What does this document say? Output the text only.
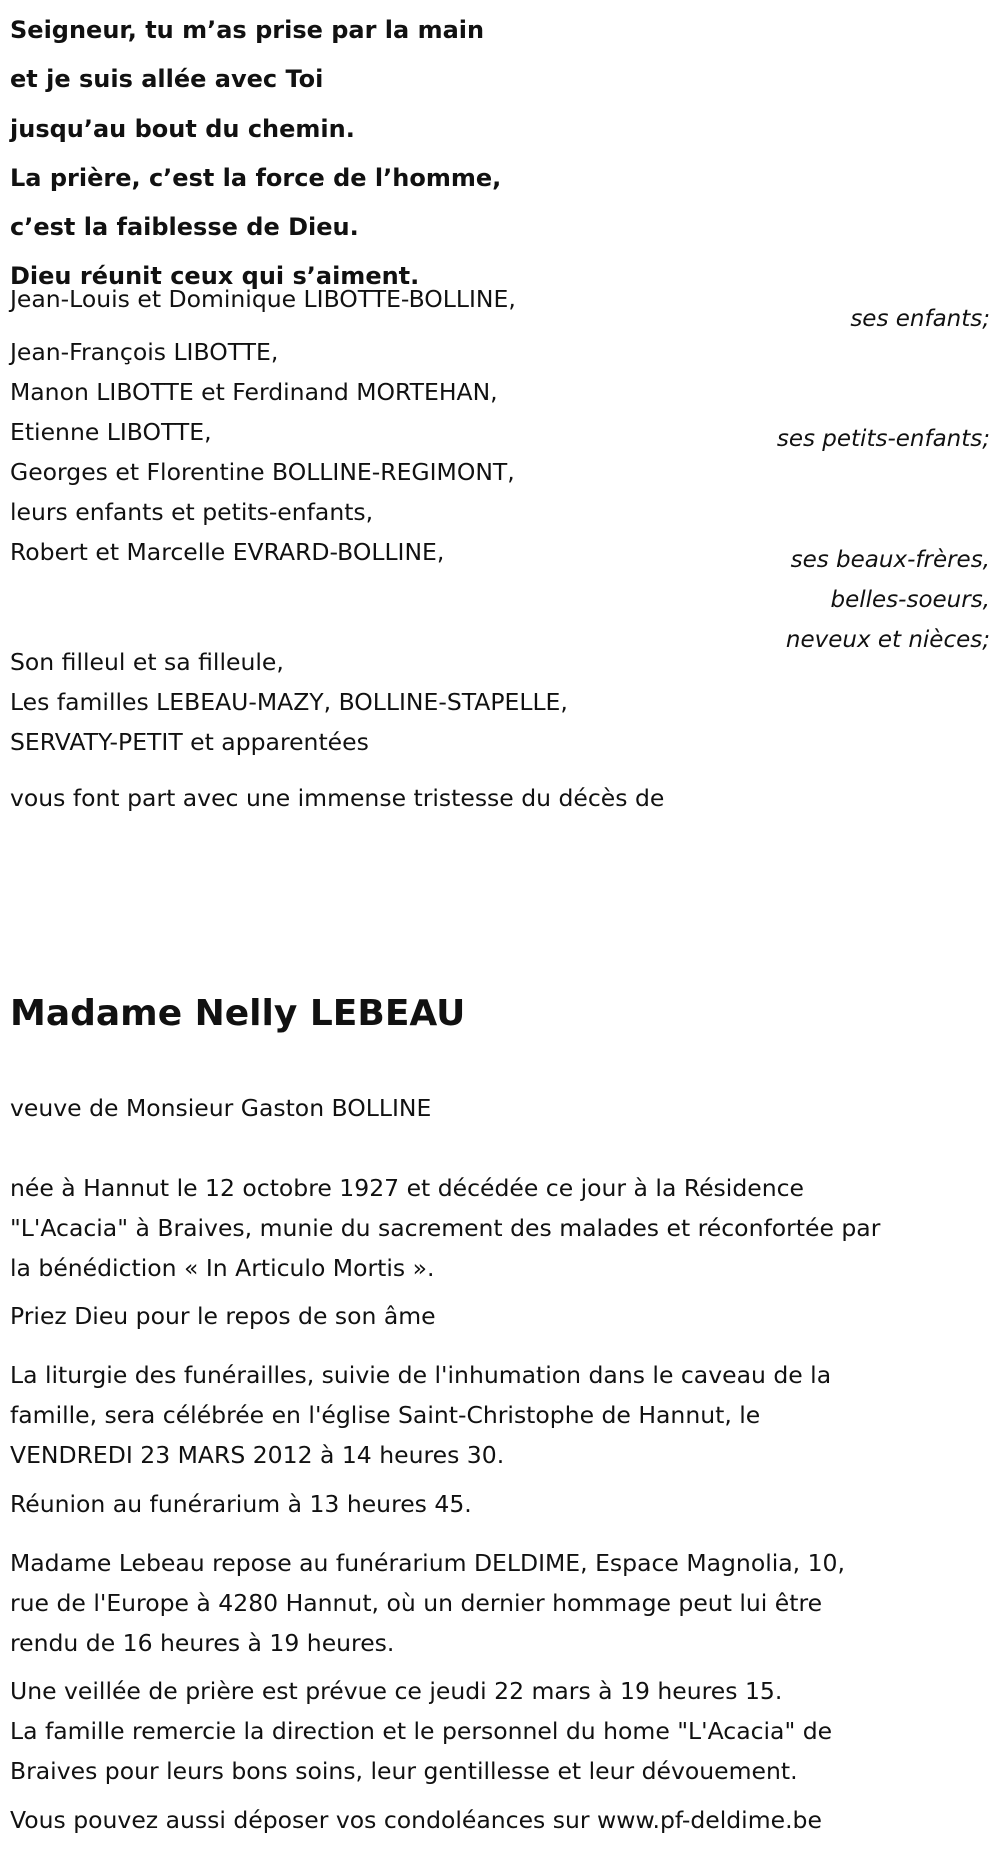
Seigneur, tu m’as prise par la main
et je suis allée avec Toi
jusqu’au bout du chemin.
La prière, c’est la force de l’homme,
c’est la faiblesse de Dieu.
Dieu réunit ceux qui s’aiment.
Jean-Louis et Dominique LIBOTTE-BOLLINE,
ses enfants;
Jean-François LIBOTTE,
Manon LIBOTTE et Ferdinand MORTEHAN,
Etienne LIBOTTE,	ses petits-enfants;
Georges et Florentine BOLLINE-REGIMONT,
leurs enfants et petits-enfants,
Robert et Marcelle EVRARD-BOLLINE,	ses beaux-frères,
belles-soeurs,
neveux et nièces;
Son filleul et sa filleule,
Les familles LEBEAU-MAZY, BOLLINE-STAPELLE,
SERVATY-PETIT et apparentées
vous font part avec une immense tristesse du décès de
Madame Nelly LEBEAU
veuve de Monsieur Gaston BOLLINE
née à Hannut le 12 octobre 1927 et décédée ce jour à la Résidence
"L'Acacia" à Braives, munie du sacrement des malades et réconfortée par
la bénédiction « In Articulo Mortis ».
Priez Dieu pour le repos de son âme
La liturgie des funérailles, suivie de l'inhumation dans le caveau de la
famille, sera célébrée en l'église Saint-Christophe de Hannut, le
VENDREDI 23 MARS 2012 à 14 heures 30.
Réunion au funérarium à 13 heures 45.
Madame Lebeau repose au funérarium DELDIME, Espace Magnolia, 10,
rue de l'Europe à 4280 Hannut, où un dernier hommage peut lui être
rendu de 16 heures à 19 heures.
Une veillée de prière est prévue ce jeudi 22 mars à 19 heures 15.
La famille remercie la direction et le personnel du home "L'Acacia" de
Braives pour leurs bons soins, leur gentillesse et leur dévouement.
Vous pouvez aussi déposer vos condoléances sur www.pf-deldime.be
